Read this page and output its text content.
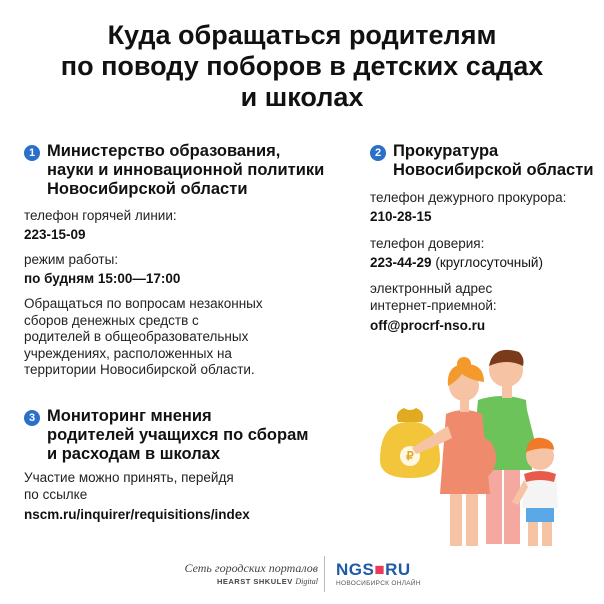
Куда обращаться родителям
по поводу поборов в детских садах
и школах
1 Министерство образования,
науки и инновационной политики
Новосибирской области
телефон горячей линии:
223-15-09
режим работы:
по будням 15:00—17:00
Обращаться по вопросам незаконных
сборов денежных средств с
родителей в общеобразовательных
учреждениях, расположенных на
территории Новосибирской области.
2 Прокуратура
Новосибирской области
телефон дежурного прокурора:
210-28-15
телефон доверия:
223-44-29 (круглосуточный)
электронный адрес
интернет-приемной:
off@procrf-nso.ru
3 Мониторинг мнения
родителей учащихся по сборам
и расходам в школах
Участие можно принять, перейдя
по ссылке
nscm.ru/inquirer/requisitions/index
₽
Сеть городских порталов
HEARST SHKULEV Digital
NGS■RU
НОВОСИБИРСК ОНЛАЙН
